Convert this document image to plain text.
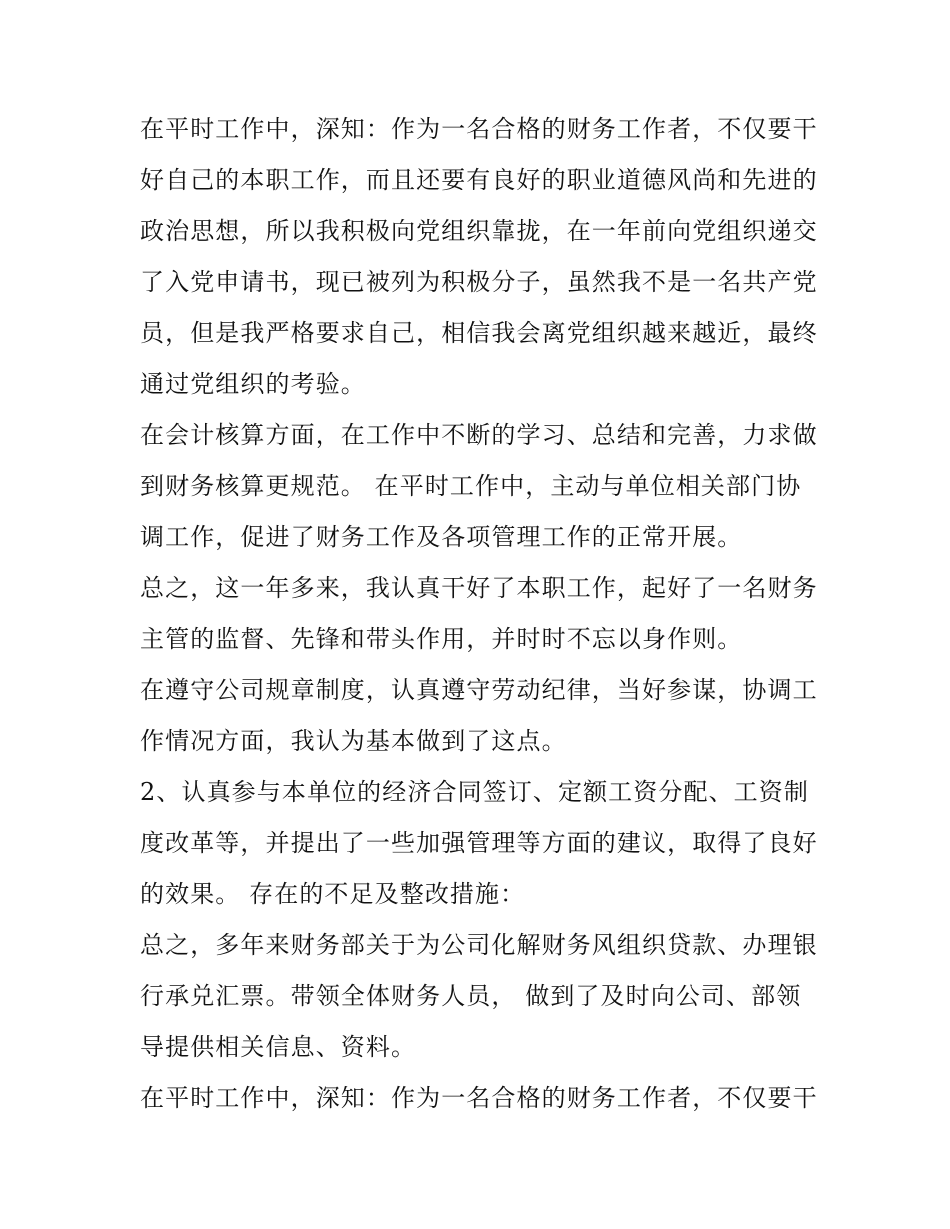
在平时工作中，深知：作为一名合格的财务工作者，不仅要干
好自己的本职工作，而且还要有良好的职业道德风尚和先进的
政治思想，所以我积极向党组织靠拢，在一年前向党组织递交
了入党申请书，现已被列为积极分子，虽然我不是一名共产党
员，但是我严格要求自己，相信我会离党组织越来越近，最终
通过党组织的考验。
在会计核算方面，在工作中不断的学习、总结和完善，力求做
到财务核算更规范。 在平时工作中，主动与单位相关部门协
调工作，促进了财务工作及各项管理工作的正常开展。
总之，这一年多来，我认真干好了本职工作，起好了一名财务
主管的监督、先锋和带头作用，并时时不忘以身作则。
在遵守公司规章制度，认真遵守劳动纪律，当好参谋，协调工
作情况方面，我认为基本做到了这点。
2、认真参与本单位的经济合同签订、定额工资分配、工资制
度改革等，并提出了一些加强管理等方面的建议，取得了良好
的效果。 存在的不足及整改措施：
总之，多年来财务部关于为公司化解财务风组织贷款、办理银
行承兑汇票。带领全体财务人员， 做到了及时向公司、部领
导提供相关信息、资料。
在平时工作中，深知：作为一名合格的财务工作者，不仅要干
